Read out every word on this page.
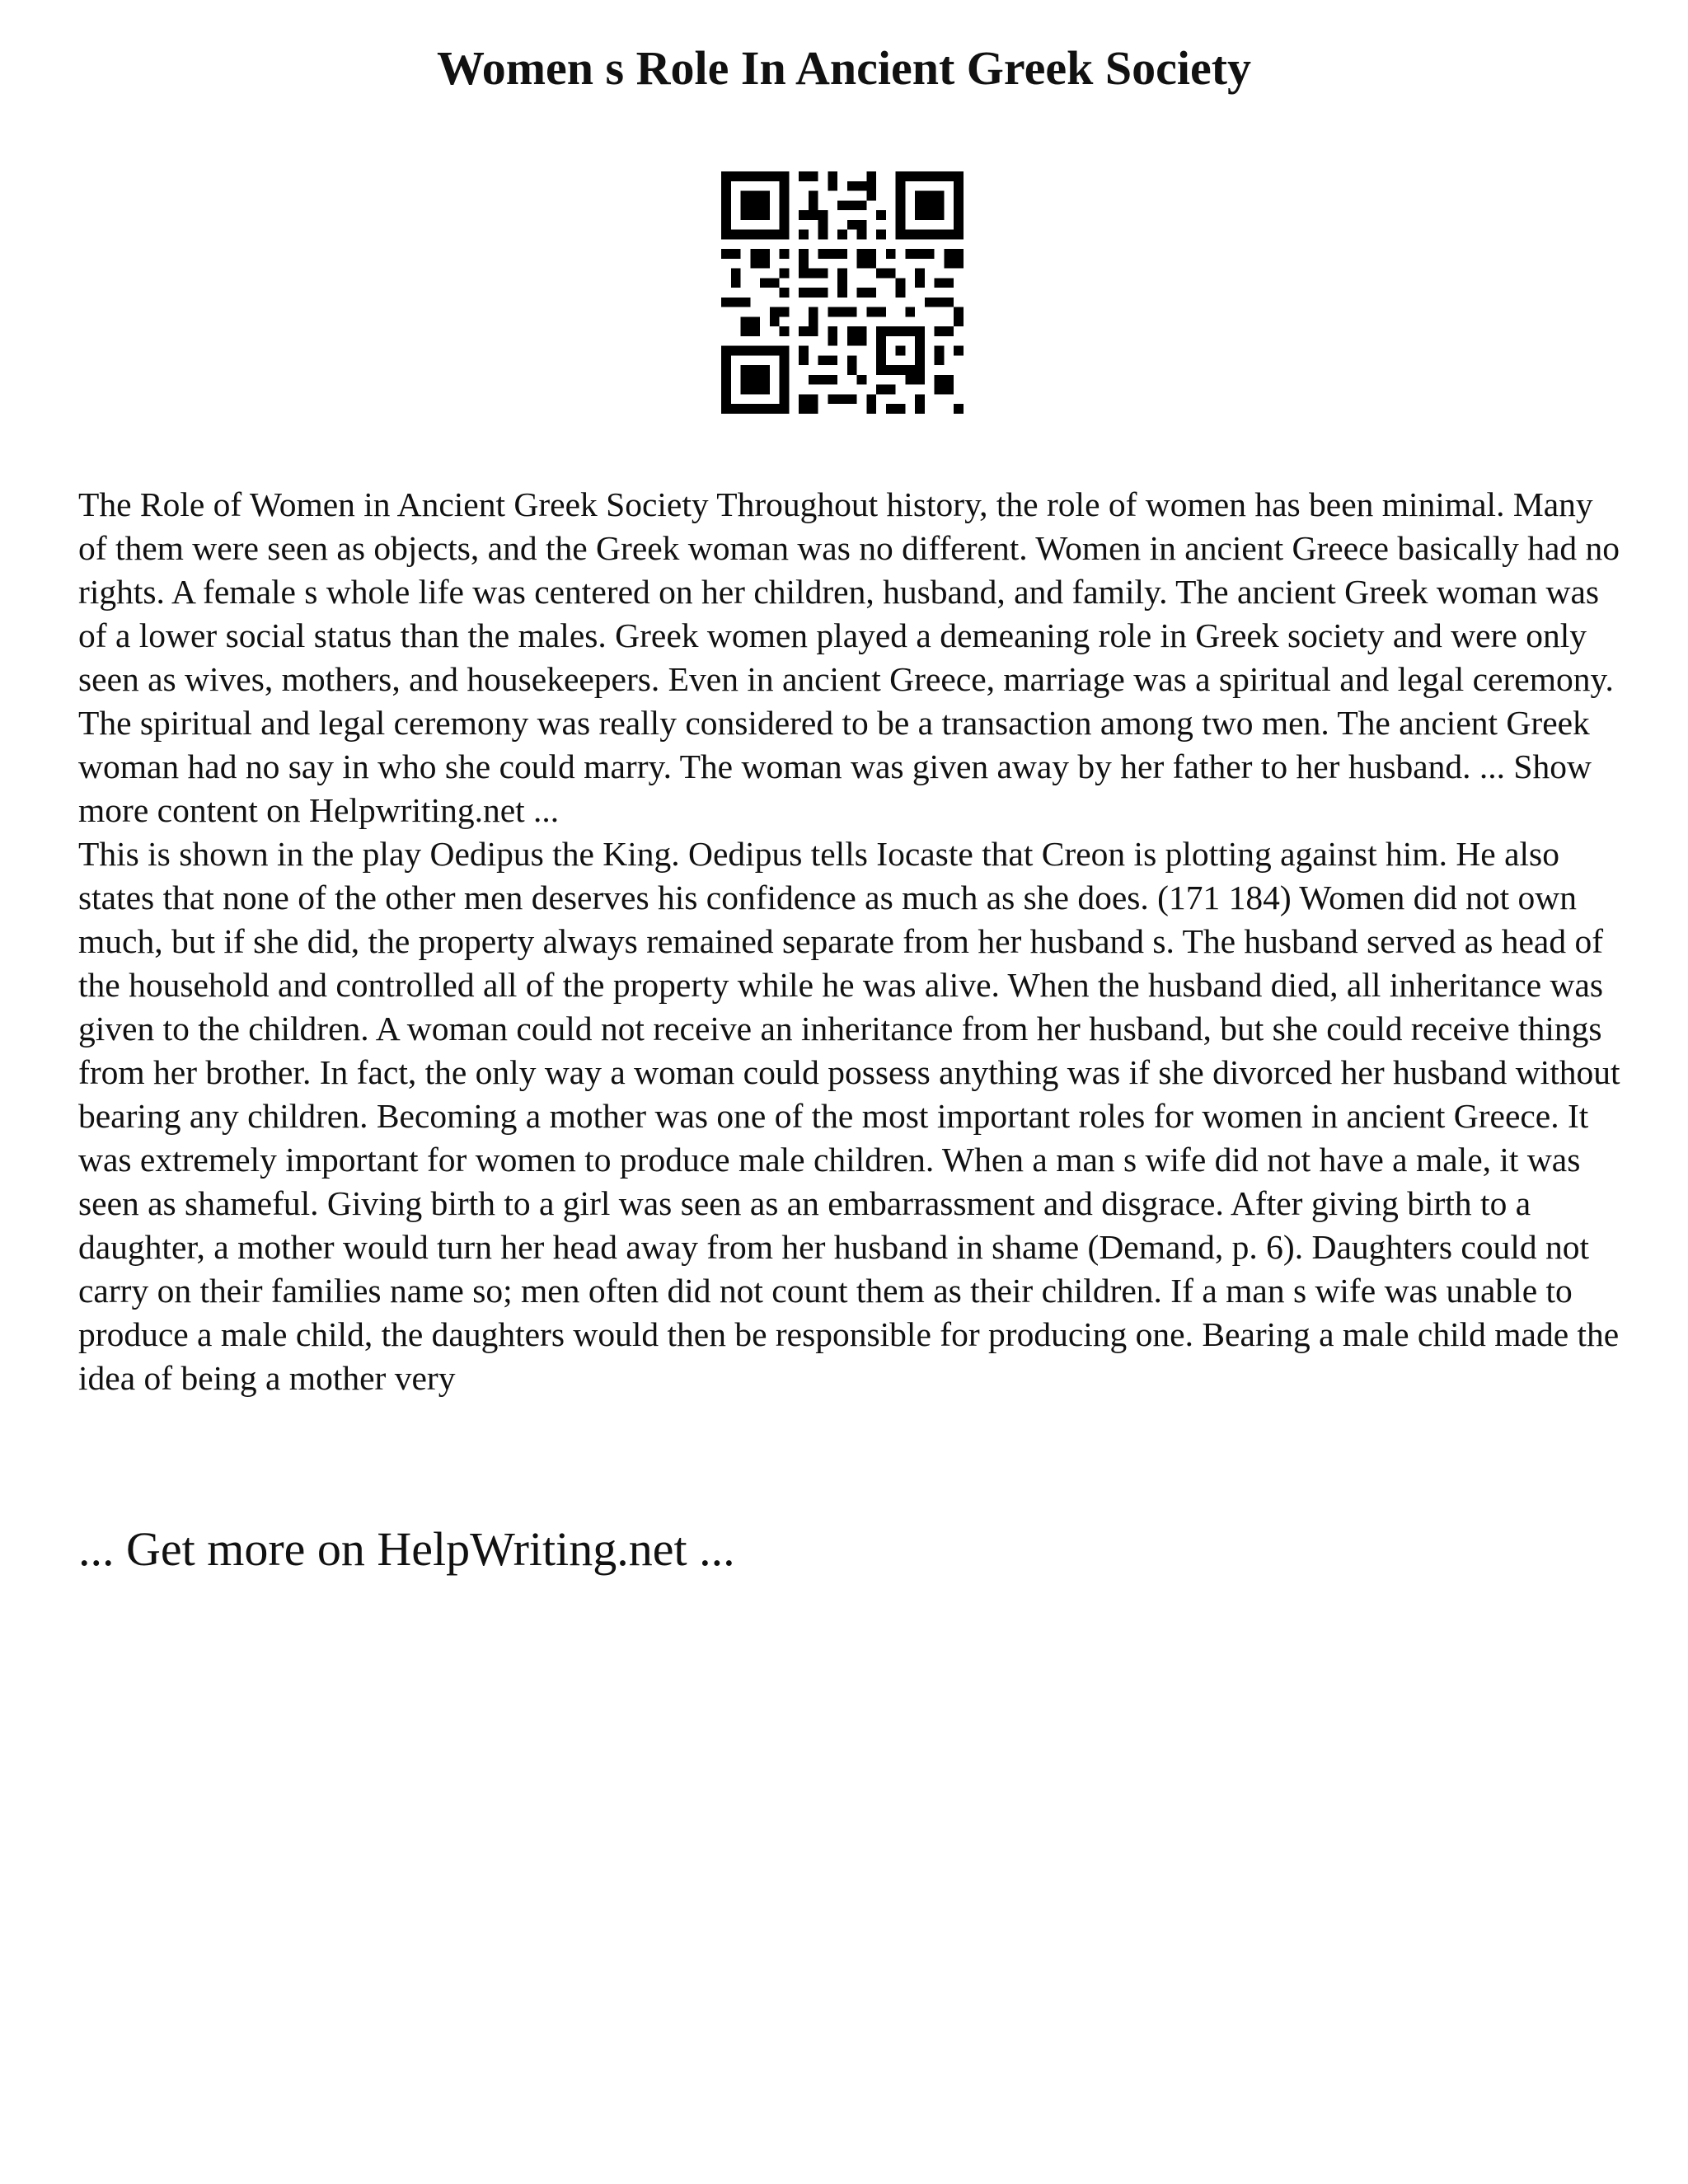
Women s Role In Ancient Greek Society

The Role of Women in Ancient Greek Society Throughout history, the role of women has been minimal. Many of them were seen as objects, and the Greek woman was no different. Women in ancient Greece basically had no rights. A female s whole life was centered on her children, husband, and family. The ancient Greek woman was of a lower social status than the males. Greek women played a demeaning role in Greek society and were only seen as wives, mothers, and housekeepers. Even in ancient Greece, marriage was a spiritual and legal ceremony. The spiritual and legal ceremony was really considered to be a transaction among two men. The ancient Greek woman had no say in who she could marry. The woman was given away by her father to her husband. ... Show more content on Helpwriting.net ...

This is shown in the play Oedipus the King. Oedipus tells Iocaste that Creon is plotting against him. He also states that none of the other men deserves his confidence as much as she does. (171 184) Women did not own much, but if she did, the property always remained separate from her husband s. The husband served as head of the household and controlled all of the property while he was alive. When the husband died, all inheritance was given to the children. A woman could not receive an inheritance from her husband, but she could receive things from her brother. In fact, the only way a woman could possess anything was if she divorced her husband without bearing any children. Becoming a mother was one of the most important roles for women in ancient Greece. It was extremely important for women to produce male children. When a man s wife did not have a male, it was seen as shameful. Giving birth to a girl was seen as an embarrassment and disgrace. After giving birth to a daughter, a mother would turn her head away from her husband in shame (Demand, p. 6). Daughters could not carry on their families name so; men often did not count them as their children. If a man s wife was unable to produce a male child, the daughters would then be responsible for producing one. Bearing a male child made the idea of being a mother very

... Get more on HelpWriting.net ...
